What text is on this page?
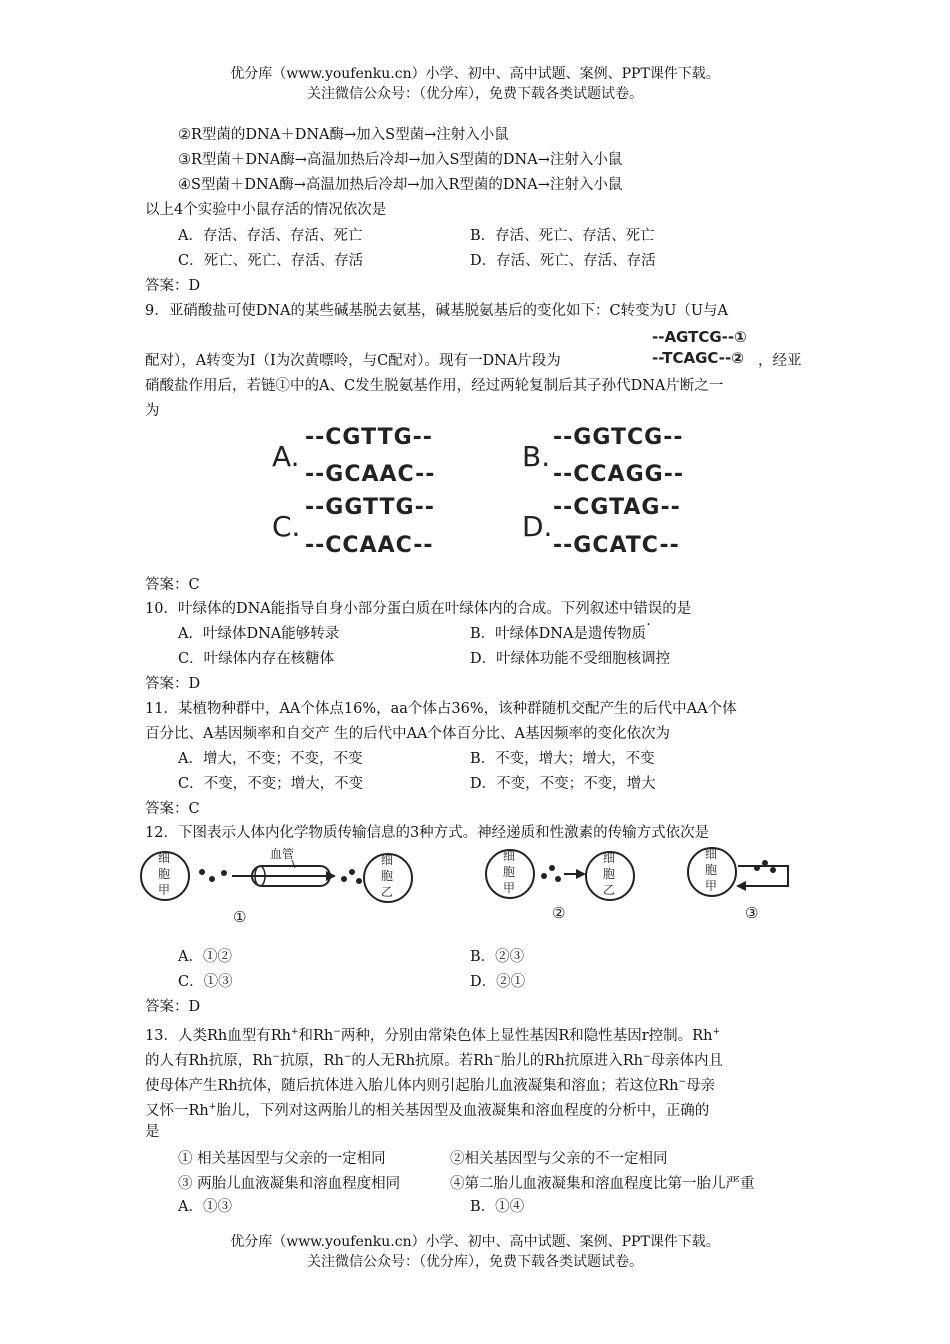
优分库（www.youfenku.cn）小学、初中、高中试题、案例、PPT课件下载。
关注微信公众号：（优分库），免费下载各类试题试卷。
②R型菌的DNA＋DNA酶→加入S型菌→注射入小鼠
③R型菌＋DNA酶→高温加热后冷却→加入S型菌的DNA→注射入小鼠
④S型菌＋DNA酶→高温加热后冷却→加入R型菌的DNA→注射入小鼠
以上4个实验中小鼠存活的情况依次是
A．存活、存活、存活、死亡	B．存活、死亡、存活、死亡
C．死亡、死亡、存活、存活	D．存活、死亡、存活、存活
答案：D
9．亚硝酸盐可使DNA的某些碱基脱去氨基，碱基脱氨基后的变化如下：C转变为U（U与A
--AGTCG--①
配对），A转变为I（I为次黄嘌呤，与C配对）。现有一DNA片段为	--TCAGC--② ，经亚
硝酸盐作用后，若链①中的A、C发生脱氨基作用，经过两轮复制后其子孙代DNA片断之一
为
A.
--CGTTG--
--GCAAC--
B.
--GGTCG--
--CCAGG--
C.
--GGTTG--
--CCAAC--
D.
--CGTAG--
--GCATC--
答案：C
10．叶绿体的DNA能指导自身小部分蛋白质在叶绿体内的合成。下列叙述中错误的是
A．叶绿体DNA能够转录	B．叶绿体DNA是遗传物质
C．叶绿体内存在核糖体	D．叶绿体功能不受细胞核调控
答案：D
11．某植物种群中，AA个体点16%，aa个体占36%，该种群随机交配产生的后代中AA个体
百分比、A基因频率和自交产 生的后代中AA个体百分比、A基因频率的变化依次为
A．增大，不变；不变，不变	B．不变，增大；增大，不变
C．不变，不变；增大，不变	D．不变，不变；不变，增大
答案：C
12．下图表示人体内化学物质传输信息的3种方式。神经递质和性激素的传输方式依次是
细
胞
甲
血管	细
胞
乙
①
细
胞
甲
细
胞
乙
②
细
胞
甲
③
A．①②	B．②③
C．①③	D．②①
答案：D
13．人类Rh血型有Rh+和Rh−两种，分别由常染色体上显性基因R和隐性基因r控制。Rh+
的人有Rh抗原，Rh−抗原，Rh−的人无Rh抗原。若Rh−胎儿的Rh抗原进入Rh−母亲体内且
使母体产生Rh抗体，随后抗体进入胎儿体内则引起胎儿血液凝集和溶血；若这位Rh−母亲
又怀一Rh+胎儿，下列对这两胎儿的相关基因型及血液凝集和溶血程度的分析中，正确的
是
① 相关基因型与父亲的一定相同	②相关基因型与父亲的不一定相同
③ 两胎儿血液凝集和溶血程度相同	④第二胎儿血液凝集和溶血程度比第一胎儿严重
A．①③	B．①④
优分库（www.youfenku.cn）小学、初中、高中试题、案例、PPT课件下载。
关注微信公众号：（优分库），免费下载各类试题试卷。
